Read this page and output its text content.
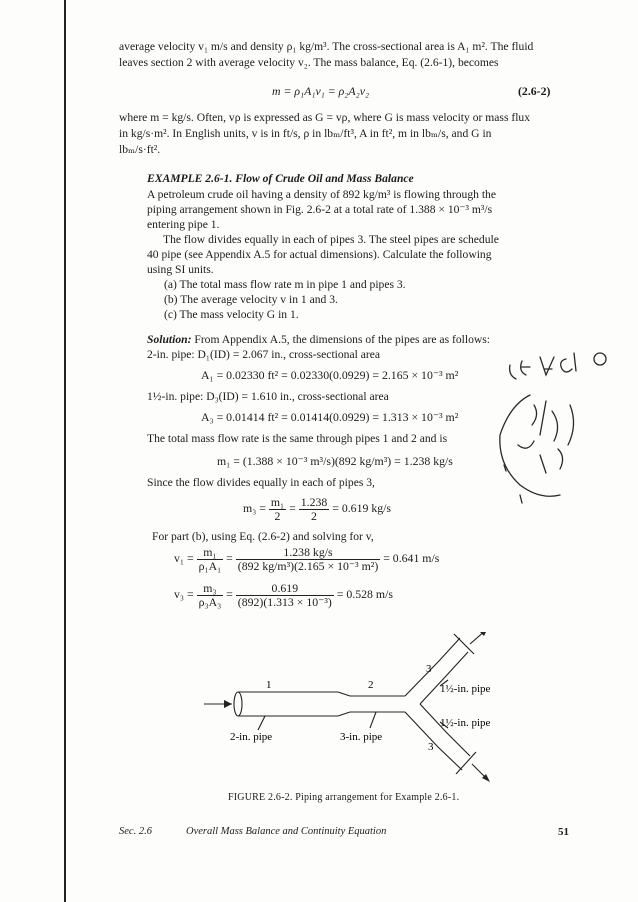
average velocity v₁ m/s and density ρ₁ kg/m³. The cross-sectional area is A₁ m². The fluid
leaves section 2 with average velocity v₂. The mass balance, Eq. (2.6-1), becomes
m = ρ₁A₁v₁ = ρ₂A₂v₂	(2.6-2)
where m = kg/s. Often, vρ is expressed as G = vρ, where G is mass velocity or mass flux
in kg/s·m². In English units, v is in ft/s, ρ in lbₘ/ft³, A in ft², m in lbₘ/s, and G in
lbₘ/s·ft².
EXAMPLE 2.6-1. Flow of Crude Oil and Mass Balance
A petroleum crude oil having a density of 892 kg/m³ is flowing through the
piping arrangement shown in Fig. 2.6-2 at a total rate of 1.388 × 10⁻³ m³/s
entering pipe 1.
The flow divides equally in each of pipes 3. The steel pipes are schedule
40 pipe (see Appendix A.5 for actual dimensions). Calculate the following
using SI units.
(a) The total mass flow rate m in pipe 1 and pipes 3.
(b) The average velocity v in 1 and 3.
(c) The mass velocity G in 1.
Solution: From Appendix A.5, the dimensions of the pipes are as follows:
2-in. pipe: D₁(ID) = 2.067 in., cross-sectional area
A₁ = 0.02330 ft² = 0.02330(0.0929) = 2.165 × 10⁻³ m²
1½-in. pipe: D₃(ID) = 1.610 in., cross-sectional area
A₃ = 0.01414 ft² = 0.01414(0.0929) = 1.313 × 10⁻³ m²
The total mass flow rate is the same through pipes 1 and 2 and is
m₁ = (1.388 × 10⁻³ m³/s)(892 kg/m³) = 1.238 kg/s
Since the flow divides equally in each of pipes 3,
$m_3 = \frac{\text{m₁}}{2} = \frac{1.238}{2} = 0.619$ kg/s
For part (b), using Eq. (2.6-2) and solving for v,
$v_1 = \frac{\text{m₁}}{\text{ρ₁A₁}} = \frac{1.238 kg/s}{\text{(892 kg/m³)(2.165 × 10⁻³ m²)}} = 0.641$ m/s
$v_3 = \frac{\text{m₃}}{\text{ρ₃A₃}} = \frac{0.619}{\text{(892)(1.313 × 10⁻³)}} = 0.528$ m/s
1	2
3
3
2-in. pipe	3-in. pipe
1½-in. pipe
1½-in. pipe
FIGURE 2.6-2. Piping arrangement for Example 2.6-1.
Sec. 2.6	Overall Mass Balance and Continuity Equation	51
